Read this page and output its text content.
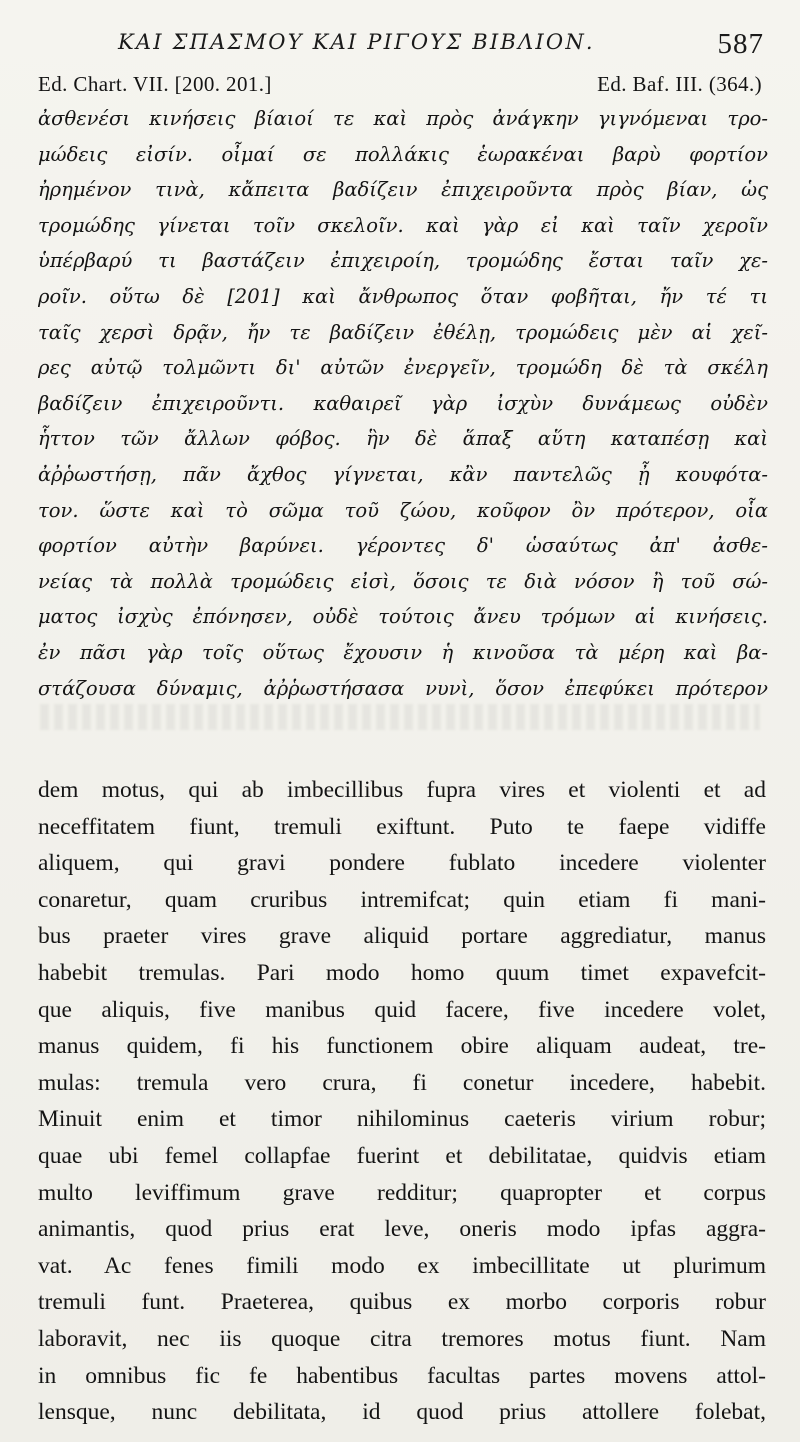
ΚΑΙ ΣΠΑΣΜΟΥ ΚΑΙ ΡΙΓΟΥΣ ΒΙΒΛΙΟΝ.	587
Ed. Chart. VII. [200. 201.]	Ed. Baf. III. (364.)
ἀσθενέσι κινήσεις βίαιοί τε καὶ πρὸς ἀνάγκην γιγνόμεναι τρο-
μώδεις εἰσίν. οἶμαί σε πολλάκις ἑωρακέναι βαρὺ φορτίον
ἠρημένον τινὰ, κἄπειτα βαδίζειν ἐπιχειροῦντα πρὸς βίαν, ὡς
τρομώδης γίνεται τοῖν σκελοῖν. καὶ γὰρ εἰ καὶ ταῖν χεροῖν
ὑπέρβαρύ τι βαστάζειν ἐπιχειροίη, τρομώδης ἔσται ταῖν χε-
ροῖν. οὕτω δὲ [201] καὶ ἄνθρωπος ὅταν φοβῆται, ἤν τέ τι
ταῖς χερσὶ δρᾷν, ἤν τε βαδίζειν ἐθέλῃ, τρομώδεις μὲν αἱ χεῖ-
ρες αὐτῷ τολμῶντι δι' αὐτῶν ἐνεργεῖν, τρομώδη δὲ τὰ σκέλη
βαδίζειν ἐπιχειροῦντι. καθαιρεῖ γὰρ ἰσχὺν δυνάμεως οὐδὲν
ἧττον τῶν ἄλλων φόβος. ἣν δὲ ἅπαξ αὕτη καταπέσῃ καὶ
ἀῤῥωστήσῃ, πᾶν ἄχθος γίγνεται, κἂν παντελῶς ᾖ κουφότα-
τον. ὥστε καὶ τὸ σῶμα τοῦ ζώου, κοῦφον ὂν πρότερον, οἷα
φορτίον αὐτὴν βαρύνει. γέροντες δ' ὡσαύτως ἀπ' ἀσθε-
νείας τὰ πολλὰ τρομώδεις εἰσὶ, ὅσοις τε διὰ νόσον ἢ τοῦ σώ-
ματος ἰσχὺς ἐπόνησεν, οὐδὲ τούτοις ἄνευ τρόμων αἱ κινήσεις.
ἐν πᾶσι γὰρ τοῖς οὕτως ἔχουσιν ἡ κινοῦσα τὰ μέρη καὶ βα-
στάζουσα δύναμις, ἀῤῥωστήσασα νυνὶ, ὅσον ἐπεφύκει πρότερον
dem motus, qui ab imbecillibus fupra vires et violenti et ad
neceffitatem fiunt, tremuli exiftunt. Puto te faepe vidiffe
aliquem, qui gravi pondere fublato incedere violenter
conaretur, quam cruribus intremifcat; quin etiam fi mani-
bus praeter vires grave aliquid portare aggrediatur, manus
habebit tremulas. Pari modo homo quum timet expavefcit-
que aliquis, five manibus quid facere, five incedere volet,
manus quidem, fi his functionem obire aliquam audeat, tre-
mulas: tremula vero crura, fi conetur incedere, habebit.
Minuit enim et timor nihilominus caeteris virium robur;
quae ubi femel collapfae fuerint et debilitatae, quidvis etiam
multo leviffimum grave redditur; quapropter et corpus
animantis, quod prius erat leve, oneris modo ipfas aggra-
vat. Ac fenes fimili modo ex imbecillitate ut plurimum
tremuli funt. Praeterea, quibus ex morbo corporis robur
laboravit, nec iis quoque citra tremores motus fiunt. Nam
in omnibus fic fe habentibus facultas partes movens attol-
lensque, nunc debilitata, id quod prius attollere folebat,
